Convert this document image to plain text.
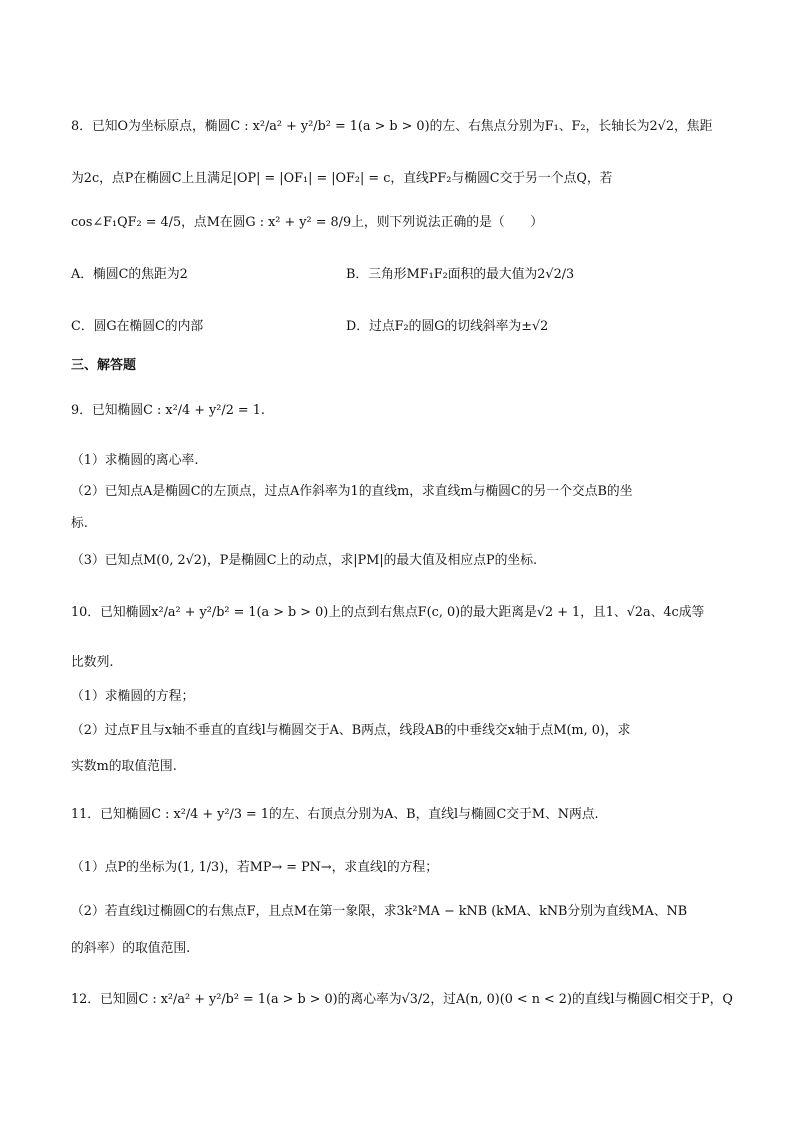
8．已知O为坐标原点，椭圆C : x²/a² + y²/b² = 1(a > b > 0)的左、右焦点分别为F₁、F₂，长轴长为2√2，焦距
为2c，点P在椭圆C上且满足|OP| = |OF₁| = |OF₂| = c，直线PF₂与椭圆C交于另一个点Q，若
cos∠F₁QF₂ = 4/5，点M在圆G : x² + y² = 8/9上，则下列说法正确的是（　　）
A．椭圆C的焦距为2	B．三角形MF₁F₂面积的最大值为2√2/3
C．圆G在椭圆C的内部	D．过点F₂的圆G的切线斜率为±√2
三、解答题
9．已知椭圆C : x²/4 + y²/2 = 1.
（1）求椭圆的离心率.
（2）已知点A是椭圆C的左顶点，过点A作斜率为1的直线m，求直线m与椭圆C的另一个交点B的坐
标.
（3）已知点M(0, 2√2)，P是椭圆C上的动点，求|PM|的最大值及相应点P的坐标.
10．已知椭圆x²/a² + y²/b² = 1(a > b > 0)上的点到右焦点F(c, 0)的最大距离是√2 + 1，且1、√2a、4c成等
比数列.
（1）求椭圆的方程；
（2）过点F且与x轴不垂直的直线l与椭圆交于A、B两点，线段AB的中垂线交x轴于点M(m, 0)，求
实数m的取值范围.
11．已知椭圆C : x²/4 + y²/3 = 1的左、右顶点分别为A、B，直线l与椭圆C交于M、N两点.
（1）点P的坐标为(1, 1/3)，若MP→ = PN→，求直线l的方程；
（2）若直线l过椭圆C的右焦点F，且点M在第一象限，求3k²MA − kNB (kMA、kNB分别为直线MA、NB
的斜率）的取值范围.
12．已知圆C : x²/a² + y²/b² = 1(a > b > 0)的离心率为√3/2，过A(n, 0)(0 < n < 2)的直线l与椭圆C相交于P，Q
